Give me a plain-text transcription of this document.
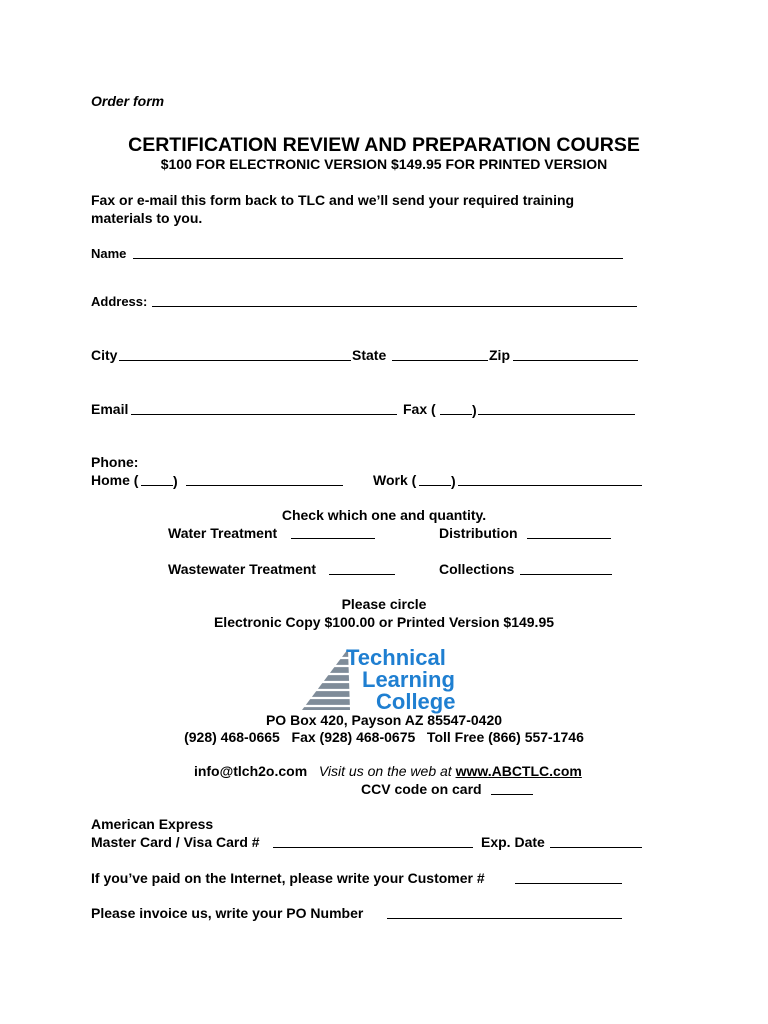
Order form
CERTIFICATION REVIEW AND PREPARATION COURSE
$100 FOR ELECTRONIC VERSION $149.95 FOR PRINTED VERSION
Fax or e-mail this form back to TLC and we’ll send your required training
materials to you.
Name
Address:
City	State	Zip
Email	Fax (	)
Phone:
Home (	)	Work (	)
Check which one and quantity.
Water Treatment	Distribution
Wastewater Treatment	Collections
Please circle
Electronic Copy $100.00 or Printed Version $149.95
Technical
Learning
College
PO Box 420, Payson AZ 85547-0420
(928) 468-0665   Fax (928) 468-0675   Toll Free (866) 557-1746

info@tlch2o.com Visit us on the web at www.ABCTLC.com

CCV code on card
American Express
Master Card / Visa Card #	Exp. Date
If you’ve paid on the Internet, please write your Customer #
Please invoice us, write your PO Number
